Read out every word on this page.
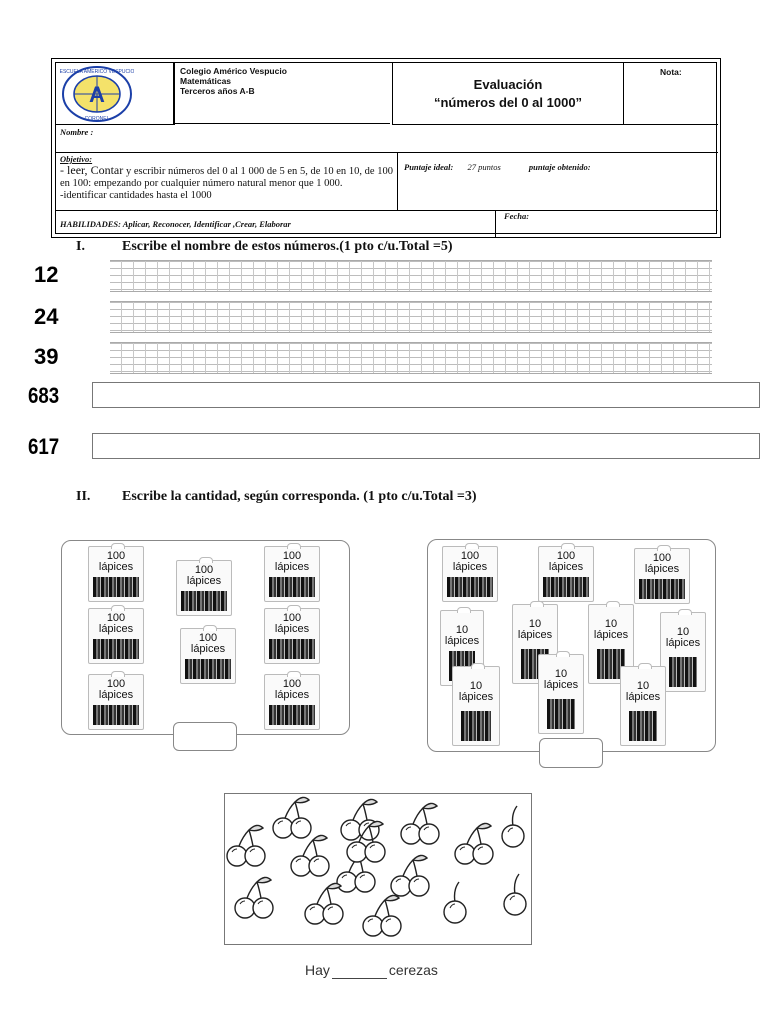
A
ESCUELA AMERICO VESPUCIO
CORONEL
Colegio Américo Vespucio
Matemáticas
Terceros años A-B	Evaluación
“números del 0 al 1000”
Nota:
Nombre :
Objetivo:
- leer, Contar y escribir números del 0 al 1 000 de 5 en 5, de 10 en 10, de 100 en 100: empezando por cualquier número natural menor que 1 000.
-identificar cantidades hasta el 1000
Puntaje ideal: 27 puntos	puntaje obtenido:
HABILIDADES: Aplicar, Reconocer, Identificar ,Crear, Elaborar
Fecha:
I.	Escribe el nombre de estos números.(1 pto c/u.Total =5)
12
24
39
683
617
II. Escribe la cantidad, según corresponda. (1 pto c/u.Total =3)
100
lápices	100
lápices
100
lápices
100
lápices
100
lápices
100
lápices
100
lápices
100
lápices
100
lápices
100
lápices
100
lápices
10
lápices
10
lápices
10
lápices	10
lápices
10
lápices
10
lápices	10
lápices
Hay	cerezas
